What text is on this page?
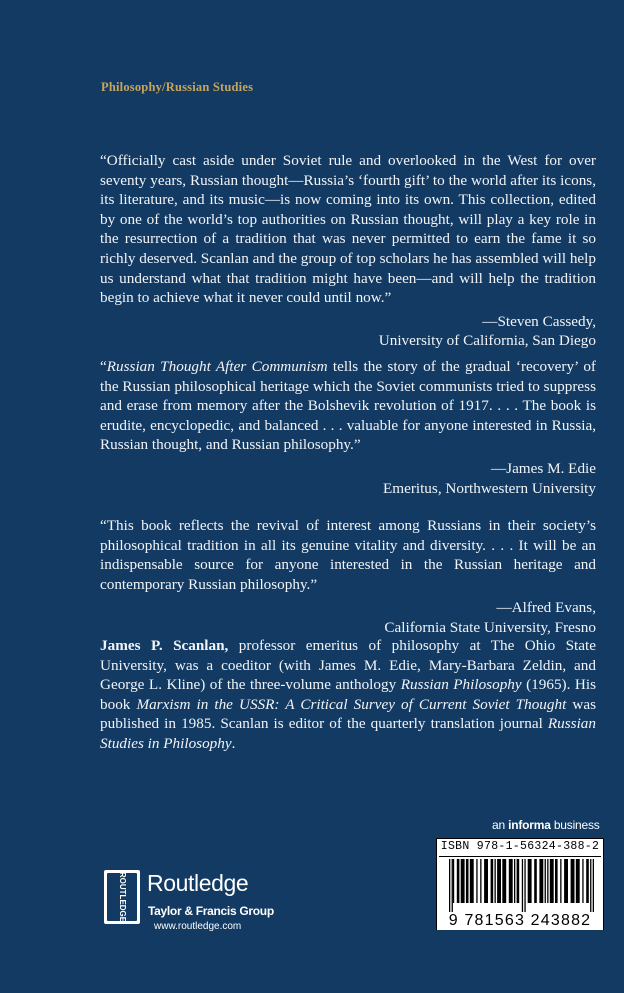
Philosophy/Russian Studies

“Officially cast aside under Soviet rule and overlooked in the West for over seventy years, Russian thought—Russia’s ‘fourth gift’ to the world after its icons, its literature, and its music—is now coming into its own. This collection, edited by one of the world’s top authorities on Russian thought, will play a key role in the resurrection of a tradition that was never permitted to earn the fame it so richly deserved. Scanlan and the group of top scholars he has assembled will help us understand what that tradition might have been—and will help the tradition begin to achieve what it never could until now.”

—Steven Cassedy,
University of California, San Diego

“Russian Thought After Communism tells the story of the gradual ‘recovery’ of the Russian philosophical heritage which the Soviet communists tried to suppress and erase from memory after the Bolshevik revolution of 1917. . . . The book is erudite, encyclopedic, and balanced . . . valuable for anyone interested in Russia, Russian thought, and Russian philosophy.”

—James M. Edie
Emeritus, Northwestern University

“This book reflects the revival of interest among Russians in their society’s philosophical tradition in all its genuine vitality and diversity. . . . It will be an indispensable source for anyone interested in the Russian heritage and contemporary Russian philosophy.”

—Alfred Evans,
California State University, Fresno

James P. Scanlan, professor emeritus of philosophy at The Ohio State University, was a coeditor (with James M. Edie, Mary-Barbara Zeldin, and George L. Kline) of the three-volume anthology Russian Philosophy (1965). His book Marxism in the USSR: A Critical Survey of Current Soviet Thought was published in 1985. Scanlan is editor of the quarterly translation journal Russian Studies in Philosophy.

an informa business
ISBN 978-1-56324-388-2
9 781563 243882
ROUTLEDGE Routledge
Taylor & Francis Group
www.routledge.com
